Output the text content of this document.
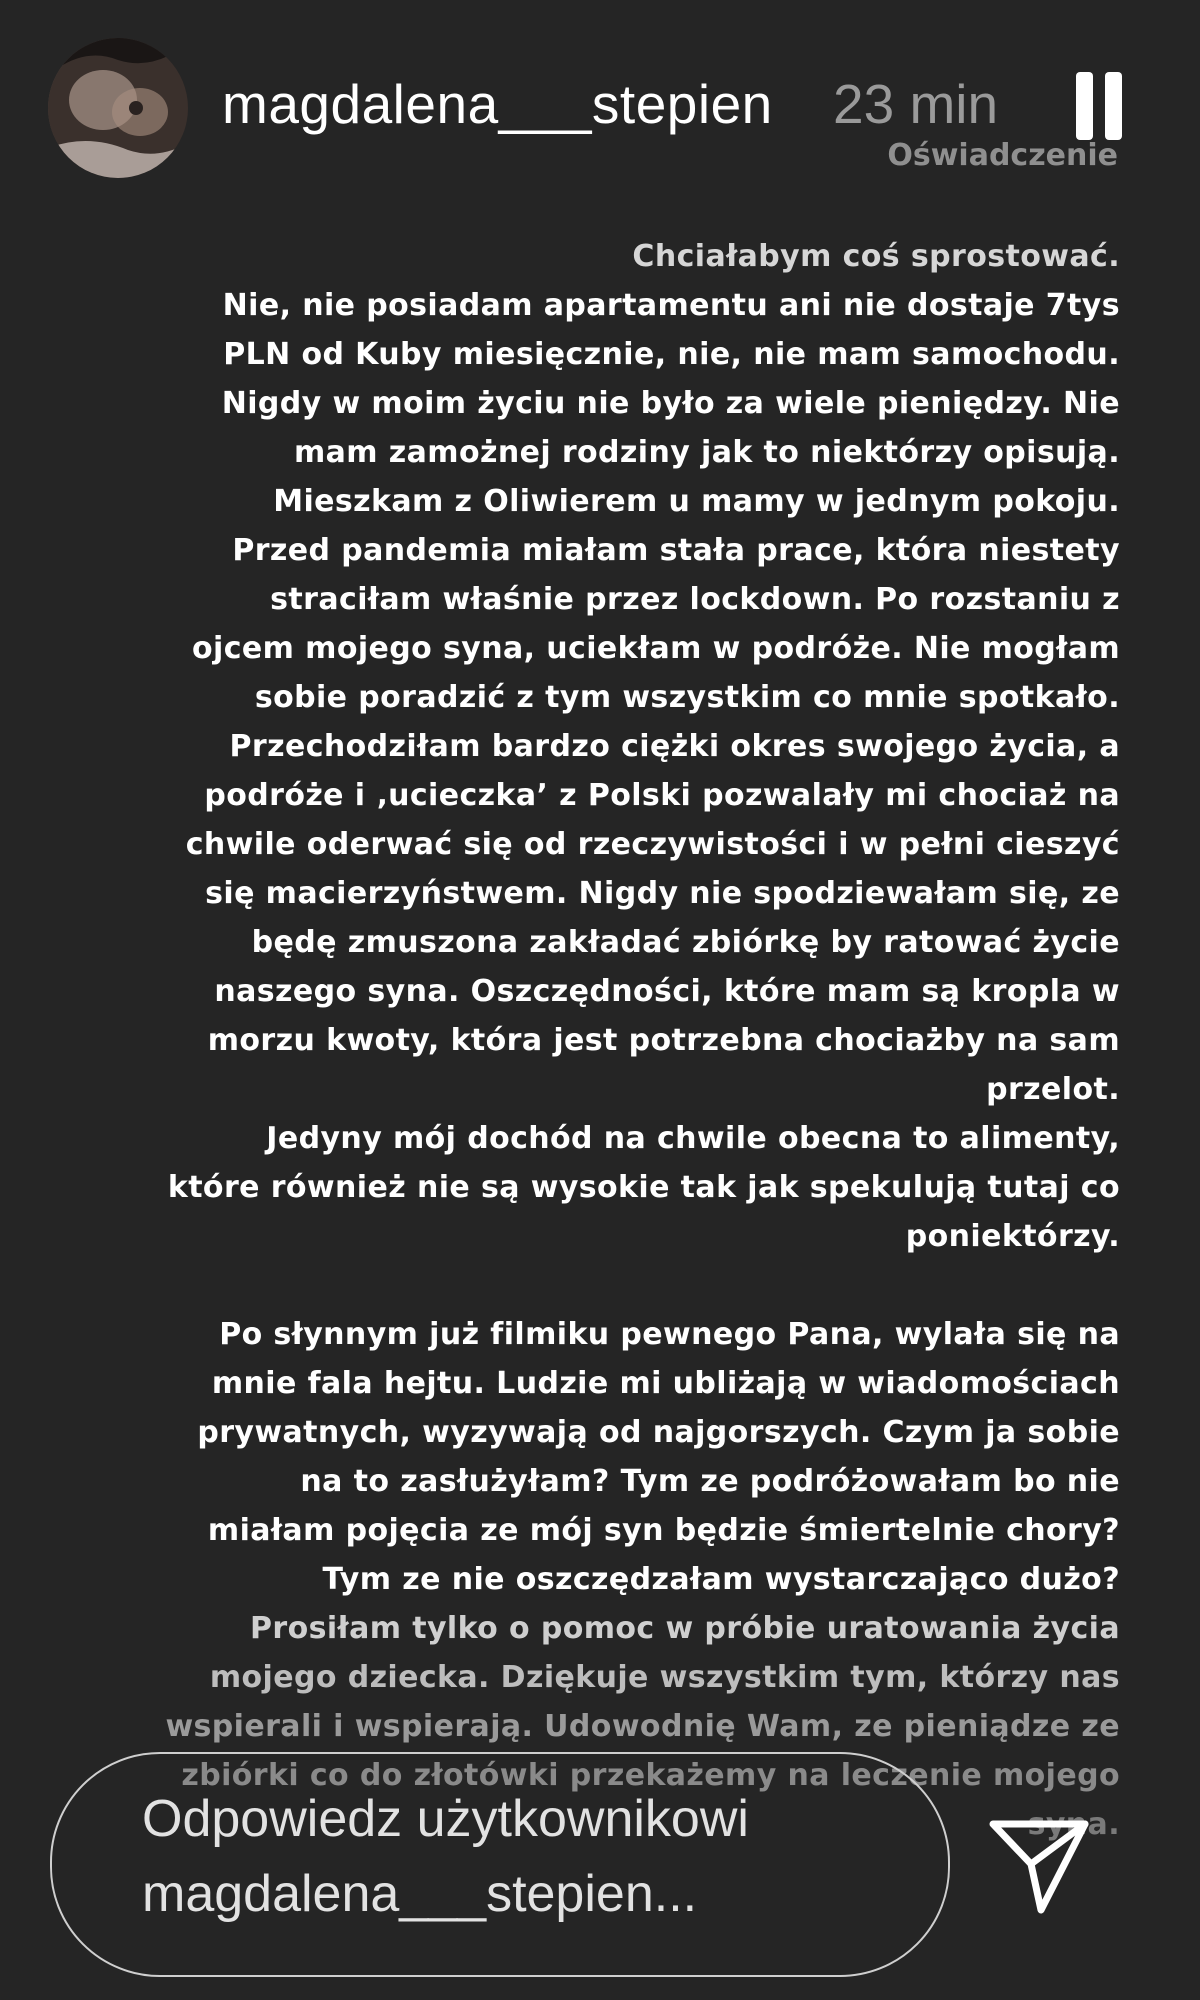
magdalena___stepien 23 min
Oświadczenie
Chciałabym coś sprostować.
Nie, nie posiadam apartamentu ani nie dostaje 7tys
PLN od Kuby miesięcznie, nie, nie mam samochodu.
Nigdy w moim życiu nie było za wiele pieniędzy. Nie
mam zamożnej rodziny jak to niektórzy opisują.
Mieszkam z Oliwierem u mamy w jednym pokoju.
Przed pandemia miałam stała prace, która niestety
straciłam właśnie przez lockdown. Po rozstaniu z
ojcem mojego syna, uciekłam w podróże. Nie mogłam
sobie poradzić z tym wszystkim co mnie spotkało.
Przechodziłam bardzo ciężki okres swojego życia, a
podróże i ‚ucieczka’ z Polski pozwalały mi chociaż na
chwile oderwać się od rzeczywistości i w pełni cieszyć
się macierzyństwem. Nigdy nie spodziewałam się, ze
będę zmuszona zakładać zbiórkę by ratować życie
naszego syna. Oszczędności, które mam są kropla w
morzu kwoty, która jest potrzebna chociażby na sam
przelot.
Jedyny mój dochód na chwile obecna to alimenty,
które również nie są wysokie tak jak spekulują tutaj co
poniektórzy.
Po słynnym już filmiku pewnego Pana, wylała się na
mnie fala hejtu. Ludzie mi ubliżają w wiadomościach
prywatnych, wyzywają od najgorszych. Czym ja sobie
na to zasłużyłam? Tym ze podróżowałam bo nie
miałam pojęcia ze mój syn będzie śmiertelnie chory?
Tym ze nie oszczędzałam wystarczająco dużo?
Prosiłam tylko o pomoc w próbie uratowania życia
mojego dziecka. Dziękuje wszystkim tym, którzy nas
wspierali i wspierają. Udowodnię Wam, ze pieniądze ze
zbiórki co do złotówki przekażemy na leczenie mojego
syna.
Odpowiedz użytkownikowi magdalena___stepien...
